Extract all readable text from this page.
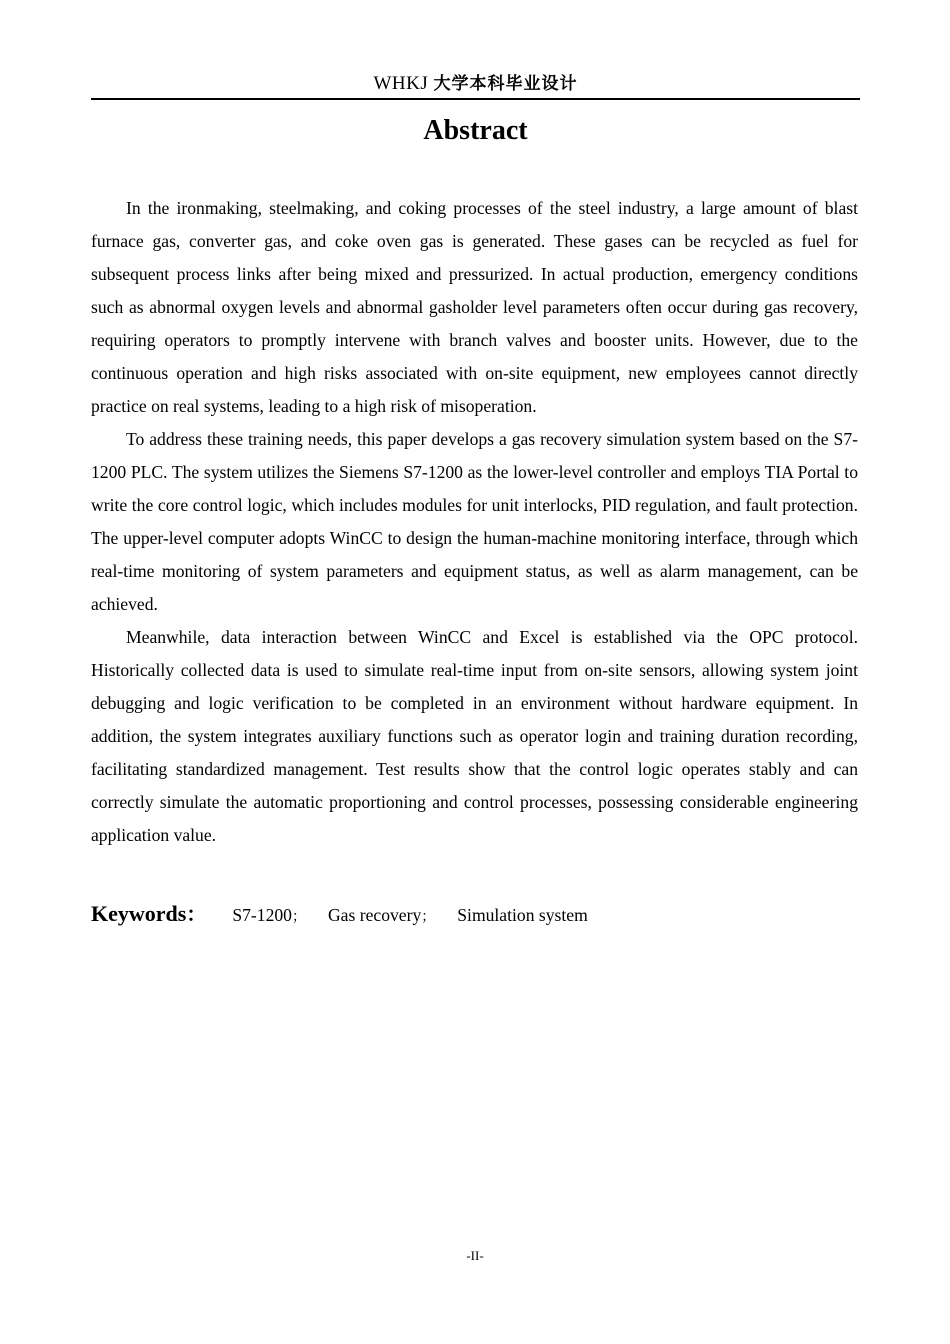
WHKJ 大学本科毕业设计
Abstract

In the ironmaking, steelmaking, and coking processes of the steel industry, a large amount of blast furnace gas, converter gas, and coke oven gas is generated. These gases can be recycled as fuel for subsequent process links after being mixed and pressurized. In actual production, emergency conditions such as abnormal oxygen levels and abnormal gasholder level parameters often occur during gas recovery, requiring operators to promptly intervene with branch valves and booster units. However, due to the continuous operation and high risks associated with on-site equipment, new employees cannot directly practice on real systems, leading to a high risk of misoperation.

To address these training needs, this paper develops a gas recovery simulation system based on the S7-1200 PLC. The system utilizes the Siemens S7-1200 as the lower-level controller and employs TIA Portal to write the core control logic, which includes modules for unit interlocks, PID regulation, and fault protection. The upper-level computer adopts WinCC to design the human-machine monitoring interface, through which real-time monitoring of system parameters and equipment status, as well as alarm management, can be achieved.

Meanwhile, data interaction between WinCC and Excel is established via the OPC protocol. Historically collected data is used to simulate real-time input from on-site sensors, allowing system joint debugging and logic verification to be completed in an environment without hardware equipment. In addition, the system integrates auxiliary functions such as operator login and training duration recording, facilitating standardized management. Test results show that the control logic operates stably and can correctly simulate the automatic proportioning and control processes, possessing considerable engineering application value.

Keywords： S7-1200； Gas recovery； Simulation system
-II-
